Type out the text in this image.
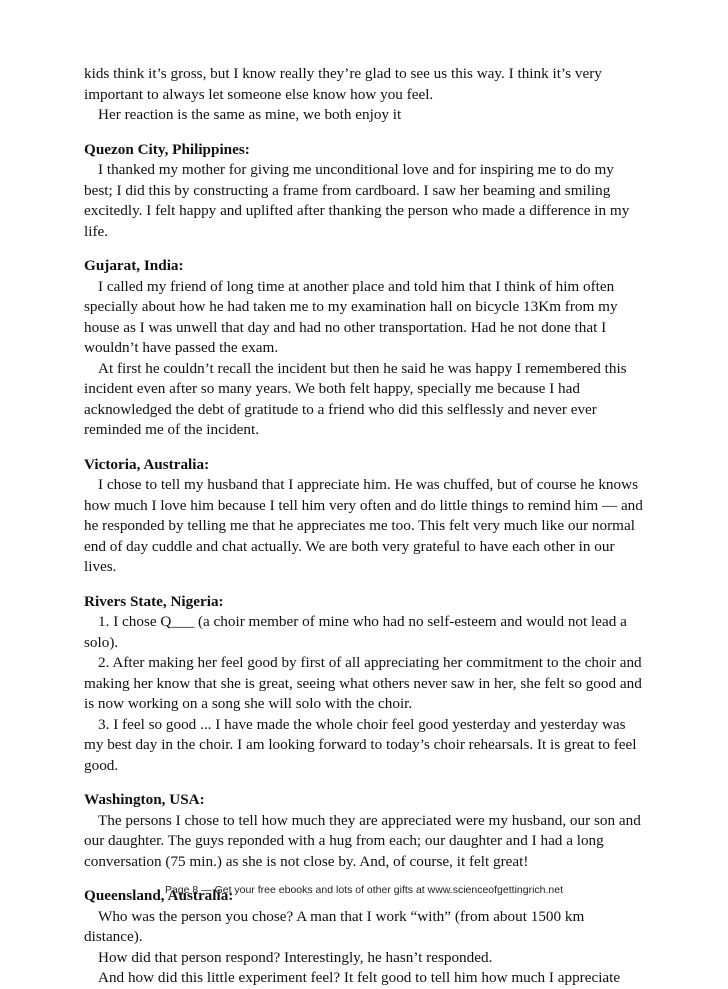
kids think it’s gross, but I know really they’re glad to see us this way. I think it’s very important to always let someone else know how you feel.

Her reaction is the same as mine, we both enjoy it

Quezon City, Philippines:

I thanked my mother for giving me unconditional love and for inspiring me to do my best; I did this by constructing a frame from cardboard. I saw her beaming and smiling excitedly. I felt happy and uplifted after thanking the person who made a difference in my life.

Gujarat, India:

I called my friend of long time at another place and told him that I think of him often specially about how he had taken me to my examination hall on bicycle 13Km from my house as I was unwell that day and had no other transportation. Had he not done that I wouldn’t have passed the exam.

At first he couldn’t recall the incident but then he said he was happy I remembered this incident even after so many years. We both felt happy, specially me because I had acknowledged the debt of gratitude to a friend who did this selflessly and never ever reminded me of the incident.

Victoria, Australia:

I chose to tell my husband that I appreciate him. He was chuffed, but of course he knows how much I love him because I tell him very often and do little things to remind him — and he responded by telling me that he appreciates me too. This felt very much like our normal end of day cuddle and chat actually. We are both very grateful to have each other in our lives.

Rivers State, Nigeria:

1. I chose Q___ (a choir member of mine who had no self-esteem and would not lead a solo).

2. After making her feel good by first of all appreciating her commitment to the choir and making her know that she is great, seeing what others never saw in her, she felt so good and is now working on a song she will solo with the choir.

3. I feel so good ... I have made the whole choir feel good yesterday and yesterday was my best day in the choir. I am looking forward to today’s choir rehearsals. It is great to feel good.

Washington, USA:

The persons I chose to tell how much they are appreciated were my husband, our son and our daughter. The guys reponded with a hug from each; our daughter and I had a long conversation (75 min.) as she is not close by. And, of course, it felt great!

Queensland, Australia:

Who was the person you chose? A man that I work “with” (from about 1500 km distance).

How did that person respond? Interestingly, he hasn’t responded.

And how did this little experiment feel? It felt good to tell him how much I appreciate

Page 8 — Get your free ebooks and lots of other gifts at www.scienceofgettingrich.net
